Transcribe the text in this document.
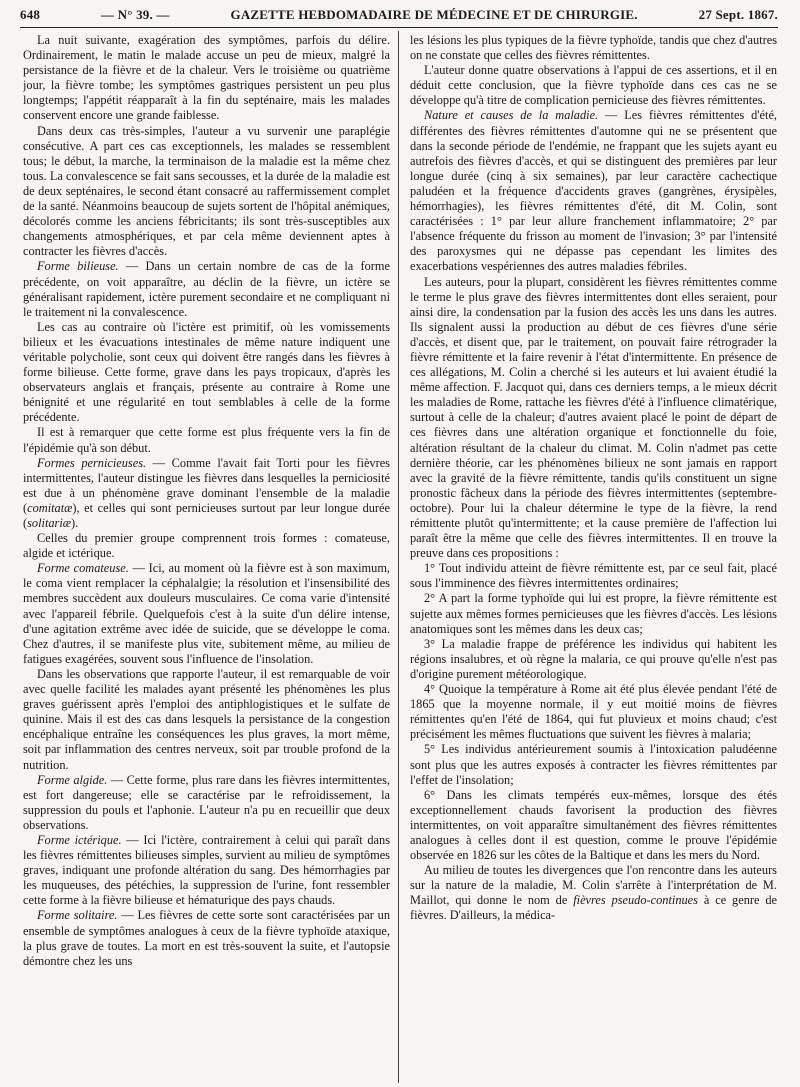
648	— N° 39. —	GAZETTE HEBDOMADAIRE DE MÉDECINE ET DE CHIRURGIE.	27 Sept. 1867.

La nuit suivante, exagération des symptômes, parfois du délire. Ordinairement, le matin le malade accuse un peu de mieux, malgré la persistance de la fièvre et de la chaleur. Vers le troisième ou quatrième jour, la fièvre tombe; les symptômes gastriques persistent un peu plus longtemps; l'appétit réapparaît à la fin du septénaire, mais les malades conservent encore une grande faiblesse.

Dans deux cas très-simples, l'auteur a vu survenir une paraplégie consécutive. A part ces cas exceptionnels, les malades se ressemblent tous; le début, la marche, la terminaison de la maladie est la même chez tous. La convalescence se fait sans secousses, et la durée de la maladie est de deux septénaires, le second étant consacré au raffermissement complet de la santé. Néanmoins beaucoup de sujets sortent de l'hôpital anémiques, décolorés comme les anciens fébricitants; ils sont très-susceptibles aux changements atmosphériques, et par cela même deviennent aptes à contracter les fièvres d'accès.

Forme bilieuse. — Dans un certain nombre de cas de la forme précédente, on voit apparaître, au déclin de la fièvre, un ictère se généralisant rapidement, ictère purement secondaire et ne compliquant ni le traitement ni la convalescence.

Les cas au contraire où l'ictère est primitif, où les vomissements bilieux et les évacuations intestinales de même nature indiquent une véritable polycholie, sont ceux qui doivent être rangés dans les fièvres à forme bilieuse. Cette forme, grave dans les pays tropicaux, d'après les observateurs anglais et français, présente au contraire à Rome une bénignité et une régularité en tout semblables à celle de la forme précédente.

Il est à remarquer que cette forme est plus fréquente vers la fin de l'épidémie qu'à son début.

Formes pernicieuses. — Comme l'avait fait Torti pour les fièvres intermittentes, l'auteur distingue les fièvres dans lesquelles la perniciosité est due à un phénomène grave dominant l'ensemble de la maladie (comitatæ), et celles qui sont pernicieuses surtout par leur longue durée (solitariæ).

Celles du premier groupe comprennent trois formes : comateuse, algide et ictérique.

Forme comateuse. — Ici, au moment où la fièvre est à son maximum, le coma vient remplacer la céphalalgie; la résolution et l'insensibilité des membres succèdent aux douleurs musculaires. Ce coma varie d'intensité avec l'appareil fébrile. Quelquefois c'est à la suite d'un délire intense, d'une agitation extrême avec idée de suicide, que se développe le coma. Chez d'autres, il se manifeste plus vite, subitement même, au milieu de fatigues exagérées, souvent sous l'influence de l'insolation.

Dans les observations que rapporte l'auteur, il est remarquable de voir avec quelle facilité les malades ayant présenté les phénomènes les plus graves guérissent après l'emploi des antiphlogistiques et le sulfate de quinine. Mais il est des cas dans lesquels la persistance de la congestion encéphalique entraîne les conséquences les plus graves, la mort même, soit par inflammation des centres nerveux, soit par trouble profond de la nutrition.

Forme algide. — Cette forme, plus rare dans les fièvres intermittentes, est fort dangereuse; elle se caractérise par le refroidissement, la suppression du pouls et l'aphonie. L'auteur n'a pu en recueillir que deux observations.

Forme ictérique. — Ici l'ictère, contrairement à celui qui paraît dans les fièvres rémittentes bilieuses simples, survient au milieu de symptômes graves, indiquant une profonde altération du sang. Des hémorrhagies par les muqueuses, des pétéchies, la suppression de l'urine, font ressembler cette forme à la fièvre bilieuse et hématurique des pays chauds.

Forme solitaire. — Les fièvres de cette sorte sont caractérisées par un ensemble de symptômes analogues à ceux de la fièvre typhoïde ataxique, la plus grave de toutes. La mort en est très-souvent la suite, et l'autopsie démontre chez les uns

les lésions les plus typiques de la fièvre typhoïde, tandis que chez d'autres on ne constate que celles des fièvres rémittentes.

L'auteur donne quatre observations à l'appui de ces assertions, et il en déduit cette conclusion, que la fièvre typhoïde dans ces cas ne se développe qu'à titre de complication pernicieuse des fièvres rémittentes.

Nature et causes de la maladie. — Les fièvres rémittentes d'été, différentes des fièvres rémittentes d'automne qui ne se présentent que dans la seconde période de l'endémie, ne frappant que les sujets ayant eu autrefois des fièvres d'accès, et qui se distinguent des premières par leur longue durée (cinq à six semaines), par leur caractère cachectique paludéen et la fréquence d'accidents graves (gangrènes, érysipèles, hémorrhagies), les fièvres rémittentes d'été, dit M. Colin, sont caractérisées : 1° par leur allure franchement inflammatoire; 2° par l'absence fréquente du frisson au moment de l'invasion; 3° par l'intensité des paroxysmes qui ne dépasse pas cependant les limites des exacerbations vespériennes des autres maladies fébriles.

Les auteurs, pour la plupart, considèrent les fièvres rémittentes comme le terme le plus grave des fièvres intermittentes dont elles seraient, pour ainsi dire, la condensation par la fusion des accès les uns dans les autres. Ils signalent aussi la production au début de ces fièvres d'une série d'accès, et disent que, par le traitement, on pouvait faire rétrograder la fièvre rémittente et la faire revenir à l'état d'intermittente. En présence de ces allégations, M. Colin a cherché si les auteurs et lui avaient étudié la même affection. F. Jacquot qui, dans ces derniers temps, a le mieux décrit les maladies de Rome, rattache les fièvres d'été à l'influence climatérique, surtout à celle de la chaleur; d'autres avaient placé le point de départ de ces fièvres dans une altération organique et fonctionnelle du foie, altération résultant de la chaleur du climat. M. Colin n'admet pas cette dernière théorie, car les phénomènes bilieux ne sont jamais en rapport avec la gravité de la fièvre rémittente, tandis qu'ils constituent un signe pronostic fâcheux dans la période des fièvres intermittentes (septembre-octobre). Pour lui la chaleur détermine le type de la fièvre, la rend rémittente plutôt qu'intermittente; et la cause première de l'affection lui paraît être la même que celle des fièvres intermittentes. Il en trouve la preuve dans ces propositions :

1° Tout individu atteint de fièvre rémittente est, par ce seul fait, placé sous l'imminence des fièvres intermittentes ordinaires;

2° A part la forme typhoïde qui lui est propre, la fièvre rémittente est sujette aux mêmes formes pernicieuses que les fièvres d'accès. Les lésions anatomiques sont les mêmes dans les deux cas;

3° La maladie frappe de préférence les individus qui habitent les régions insalubres, et où règne la malaria, ce qui prouve qu'elle n'est pas d'origine purement météorologique.

4° Quoique la température à Rome ait été plus élevée pendant l'été de 1865 que la moyenne normale, il y eut moitié moins de fièvres rémittentes qu'en l'été de 1864, qui fut pluvieux et moins chaud; c'est précisément les mêmes fluctuations que suivent les fièvres à malaria;

5° Les individus antérieurement soumis à l'intoxication paludéenne sont plus que les autres exposés à contracter les fièvres rémittentes par l'effet de l'insolation;

6° Dans les climats tempérés eux-mêmes, lorsque des étés exceptionnellement chauds favorisent la production des fièvres intermittentes, on voit apparaître simultanément des fièvres rémittentes analogues à celles dont il est question, comme le prouve l'épidémie observée en 1826 sur les côtes de la Baltique et dans les mers du Nord.

Au milieu de toutes les divergences que l'on rencontre dans les auteurs sur la nature de la maladie, M. Colin s'arrête à l'interprétation de M. Maillot, qui donne le nom de fièvres pseudo-continues à ce genre de fièvres. D'ailleurs, la médica-
